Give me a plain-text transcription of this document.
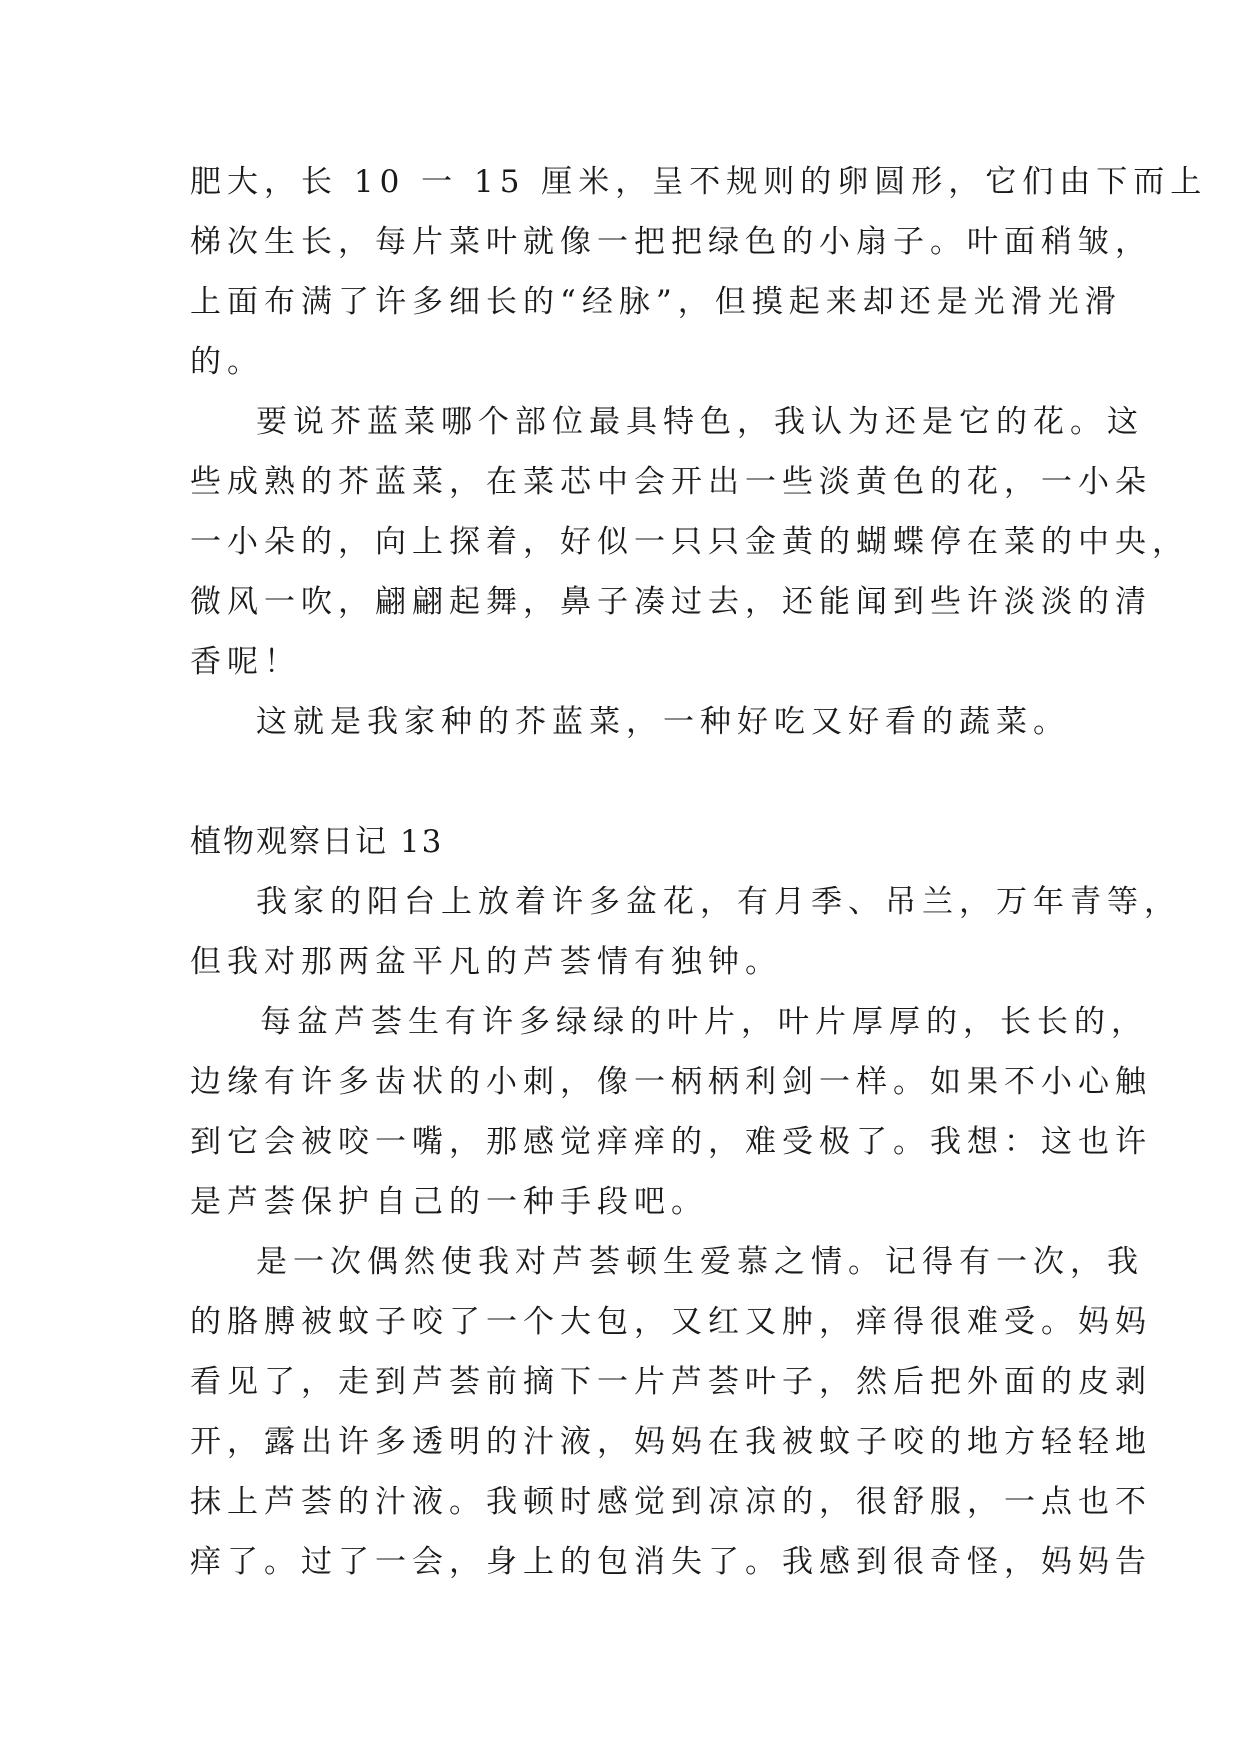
肥大，长 10 一 15 厘米，呈不规则的卵圆形，它们由下而上
梯次生长，每片菜叶就像一把把绿色的小扇子。叶面稍皱，
上面布满了许多细长的“经脉”，但摸起来却还是光滑光滑
的。
要说芥蓝菜哪个部位最具特色，我认为还是它的花。这
些成熟的芥蓝菜，在菜芯中会开出一些淡黄色的花，一小朵
一小朵的，向上探着，好似一只只金黄的蝴蝶停在菜的中央，
微风一吹，翩翩起舞，鼻子凑过去，还能闻到些许淡淡的清
香呢！
这就是我家种的芥蓝菜，一种好吃又好看的蔬菜。
植物观察日记 13
我家的阳台上放着许多盆花，有月季、吊兰，万年青等，
但我对那两盆平凡的芦荟情有独钟。
每盆芦荟生有许多绿绿的叶片，叶片厚厚的，长长的，
边缘有许多齿状的小刺，像一柄柄利剑一样。如果不小心触
到它会被咬一嘴，那感觉痒痒的，难受极了。我想：这也许
是芦荟保护自己的一种手段吧。
是一次偶然使我对芦荟顿生爱慕之情。记得有一次，我
的胳膊被蚊子咬了一个大包，又红又肿，痒得很难受。妈妈
看见了，走到芦荟前摘下一片芦荟叶子，然后把外面的皮剥
开，露出许多透明的汁液，妈妈在我被蚊子咬的地方轻轻地
抹上芦荟的汁液。我顿时感觉到凉凉的，很舒服，一点也不
痒了。过了一会，身上的包消失了。我感到很奇怪，妈妈告
